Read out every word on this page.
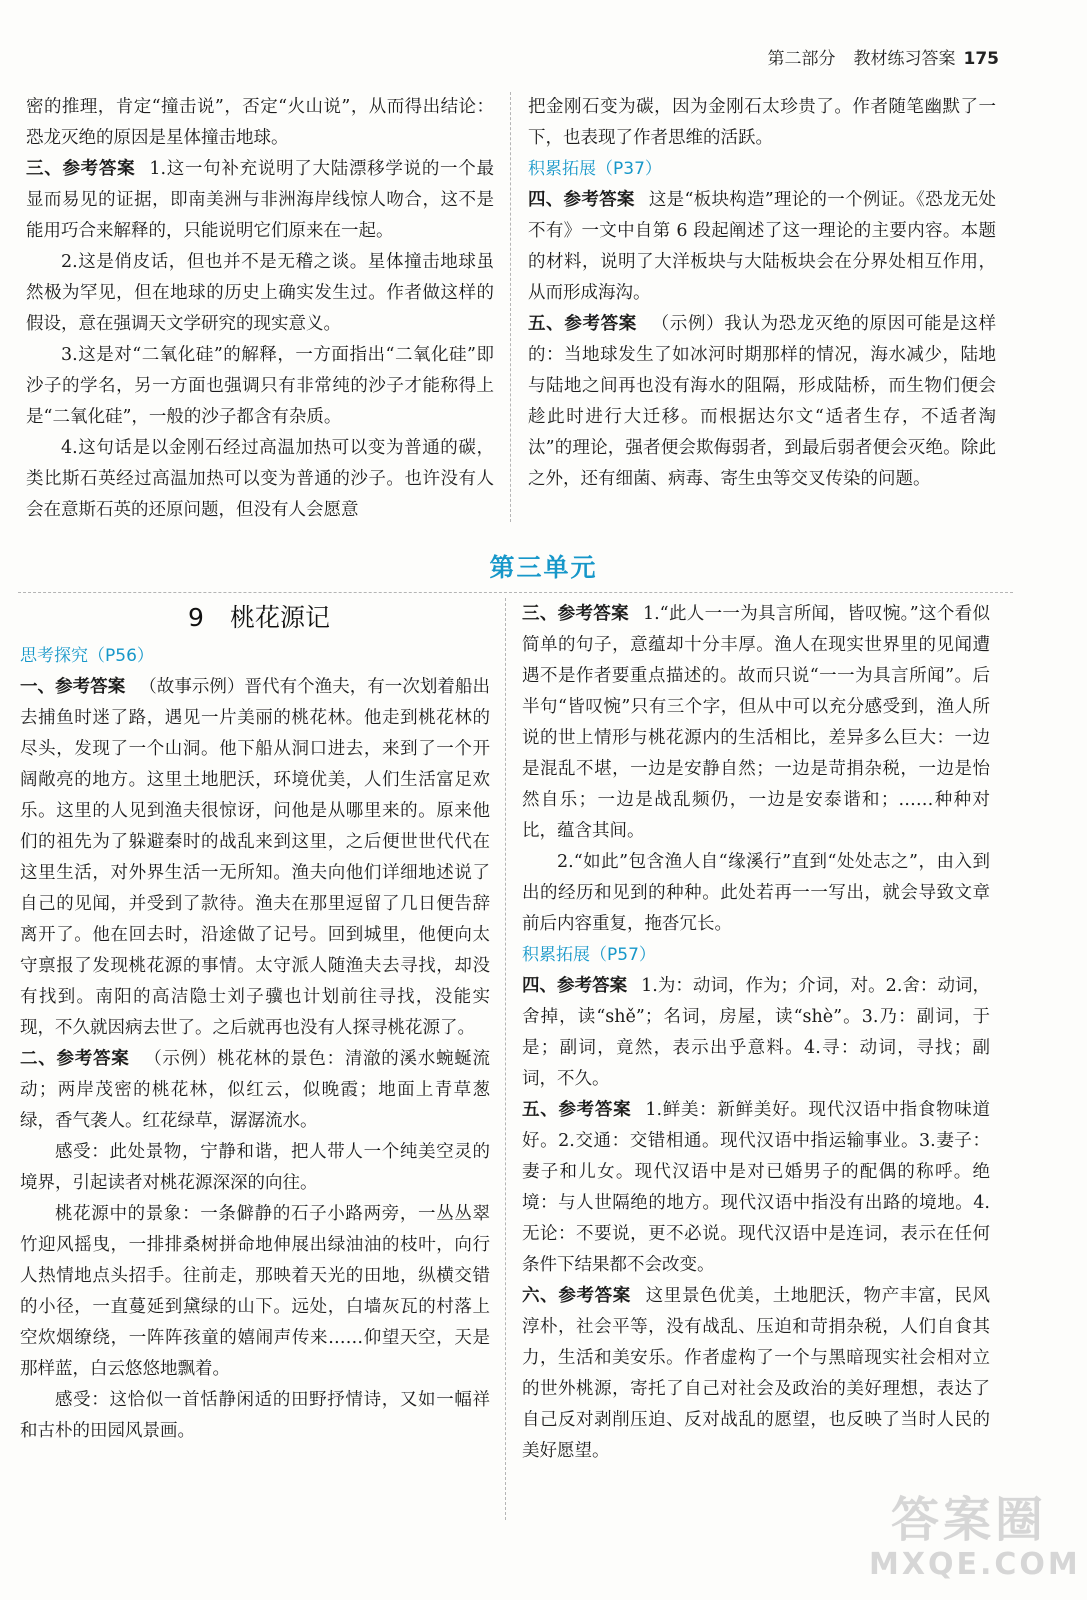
第二部分 教材练习答案 175

密的推理，肯定“撞击说”，否定“火山说”，从而得出结论：恐龙灭绝的原因是星体撞击地球。

三、参考答案 1.这一句补充说明了大陆漂移学说的一个最显而易见的证据，即南美洲与非洲海岸线惊人吻合，这不是能用巧合来解释的，只能说明它们原来在一起。

2.这是俏皮话，但也并不是无稽之谈。星体撞击地球虽然极为罕见，但在地球的历史上确实发生过。作者做这样的假设，意在强调天文学研究的现实意义。

3.这是对“二氧化硅”的解释，一方面指出“二氧化硅”即沙子的学名，另一方面也强调只有非常纯的沙子才能称得上是“二氧化硅”，一般的沙子都含有杂质。

4.这句话是以金刚石经过高温加热可以变为普通的碳，类比斯石英经过高温加热可以变为普通的沙子。也许没有人会在意斯石英的还原问题，但没有人会愿意

把金刚石变为碳，因为金刚石太珍贵了。作者随笔幽默了一下，也表现了作者思维的活跃。

积累拓展（P37）

四、参考答案 这是“板块构造”理论的一个例证。《恐龙无处不有》一文中自第 6 段起阐述了这一理论的主要内容。本题的材料，说明了大洋板块与大陆板块会在分界处相互作用，从而形成海沟。

五、参考答案 （示例）我认为恐龙灭绝的原因可能是这样的：当地球发生了如冰河时期那样的情况，海水减少，陆地与陆地之间再也没有海水的阻隔，形成陆桥，而生物们便会趁此时进行大迁移。而根据达尔文“适者生存，不适者淘汰”的理论，强者便会欺侮弱者，到最后弱者便会灭绝。除此之外，还有细菌、病毒、寄生虫等交叉传染的问题。

第三单元
9 桃花源记

思考探究（P56）

一、参考答案 （故事示例）晋代有个渔夫，有一次划着船出去捕鱼时迷了路，遇见一片美丽的桃花林。他走到桃花林的尽头，发现了一个山洞。他下船从洞口进去，来到了一个开阔敞亮的地方。这里土地肥沃，环境优美，人们生活富足欢乐。这里的人见到渔夫很惊讶，问他是从哪里来的。原来他们的祖先为了躲避秦时的战乱来到这里，之后便世世代代在这里生活，对外界生活一无所知。渔夫向他们详细地述说了自己的见闻，并受到了款待。渔夫在那里逗留了几日便告辞离开了。他在回去时，沿途做了记号。回到城里，他便向太守禀报了发现桃花源的事情。太守派人随渔夫去寻找，却没有找到。南阳的高洁隐士刘子骥也计划前往寻找，没能实现，不久就因病去世了。之后就再也没有人探寻桃花源了。

二、参考答案 （示例）桃花林的景色：清澈的溪水蜿蜒流动；两岸茂密的桃花林，似红云，似晚霞；地面上青草葱绿，香气袭人。红花绿草，潺潺流水。

感受：此处景物，宁静和谐，把人带人一个纯美空灵的境界，引起读者对桃花源深深的向往。

桃花源中的景象：一条僻静的石子小路两旁，一丛丛翠竹迎风摇曳，一排排桑树拼命地伸展出绿油油的枝叶，向行人热情地点头招手。往前走，那映着天光的田地，纵横交错的小径，一直蔓延到黛绿的山下。远处，白墙灰瓦的村落上空炊烟缭绕，一阵阵孩童的嬉闹声传来……仰望天空，天是那样蓝，白云悠悠地飘着。

感受：这恰似一首恬静闲适的田野抒情诗，又如一幅祥和古朴的田园风景画。

三、参考答案 1.“此人一一为具言所闻，皆叹惋。”这个看似简单的句子，意蕴却十分丰厚。渔人在现实世界里的见闻遭遇不是作者要重点描述的。故而只说“一一为具言所闻”。后半句“皆叹惋”只有三个字，但从中可以充分感受到，渔人所说的世上情形与桃花源内的生活相比，差异多么巨大：一边是混乱不堪，一边是安静自然；一边是苛捐杂税，一边是怡然自乐；一边是战乱频仍，一边是安泰谐和；……种种对比，蕴含其间。

2.“如此”包含渔人自“缘溪行”直到“处处志之”，由入到出的经历和见到的种种。此处若再一一写出，就会导致文章前后内容重复，拖沓冗长。

积累拓展（P57）

四、参考答案 1.为：动词，作为；介词，对。2.舍：动词，舍掉，读“shě”；名词，房屋，读“shè”。3.乃：副词，于是；副词，竟然，表示出乎意料。4.寻：动词，寻找；副词，不久。

五、参考答案 1.鲜美：新鲜美好。现代汉语中指食物味道好。2.交通：交错相通。现代汉语中指运输事业。3.妻子：妻子和儿女。现代汉语中是对已婚男子的配偶的称呼。绝境：与人世隔绝的地方。现代汉语中指没有出路的境地。4.无论：不要说，更不必说。现代汉语中是连词，表示在任何条件下结果都不会改变。

六、参考答案 这里景色优美，土地肥沃，物产丰富，民风淳朴，社会平等，没有战乱、压迫和苛捐杂税，人们自食其力，生活和美安乐。作者虚构了一个与黑暗现实社会相对立的世外桃源，寄托了自己对社会及政治的美好理想，表达了自己反对剥削压迫、反对战乱的愿望，也反映了当时人民的美好愿望。

答案圈
MXQE.COM
